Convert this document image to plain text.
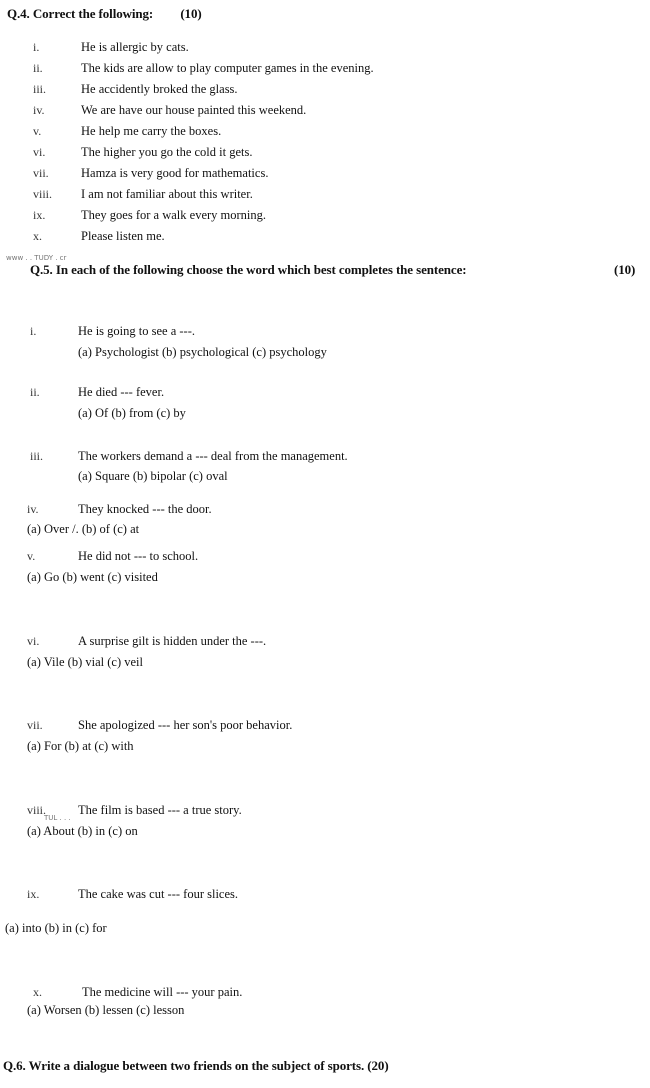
Q.4. Correct the following: (10)
i.	He is allergic by cats.
ii.	The kids are allow to play computer games in the evening.
iii.	He accidently broked the glass.
iv.	We are have our house painted this weekend.
v.	He help me carry the boxes.
vi.	The higher you go the cold it gets.
vii.	Hamza is very good for mathematics.
viii. I am not familiar about this writer.
ix.	They goes for a walk every morning.
x.	Please listen me.
www . . TUDY . cr
Q.5. In each of the following choose the word which best completes the sentence:	(10)
i.	He is going to see a ---.
(a) Psychologist (b) psychological (c) psychology
ii.	He died --- fever.
(a) Of (b) from (c) by
iii.	The workers demand a --- deal from the management.
(a) Square (b) bipolar (c) oval
iv.	They knocked --- the door.
(a) Over /. (b) of (c) at
v.	He did not --- to school.
(a) Go (b) went (c) visited
vi.	A surprise gilt is hidden under the ---.
(a) Vile (b) vial (c) veil
vii.	She apologized --- her son's poor behavior.
(a) For (b) at (c) with
viii.
TUL . . .
The film is based --- a true story.
(a) About (b) in (c) on
ix.	The cake was cut --- four slices.
(a) into (b) in (c) for
x.	The medicine will --- your pain.
(a) Worsen (b) lessen (c) lesson
Q.6. Write a dialogue between two friends on the subject of sports. (20)
